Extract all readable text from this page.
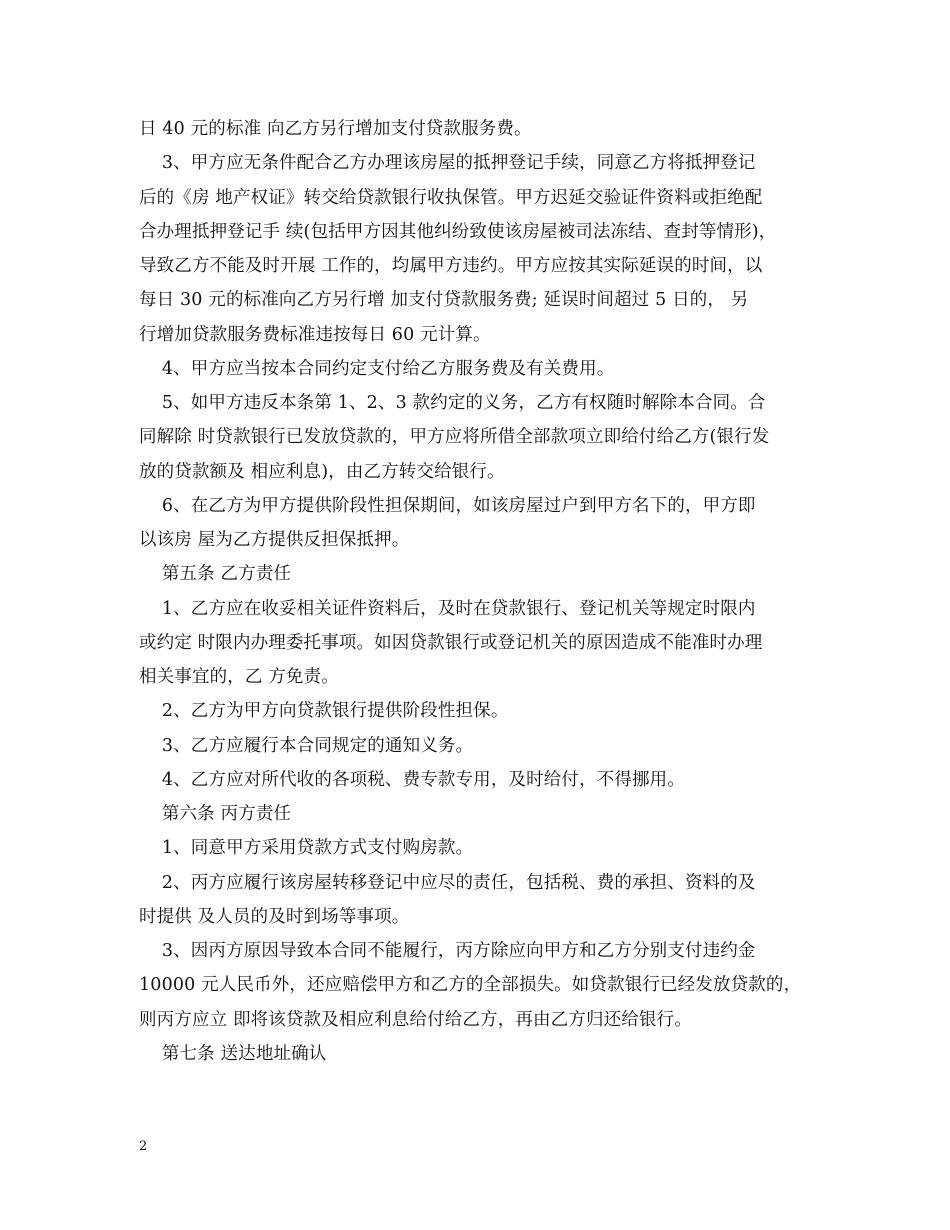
日 40 元的标准 向乙方另行增加支付贷款服务费。
3、甲方应无条件配合乙方办理该房屋的抵押登记手续，同意乙方将抵押登记
后的《房 地产权证》转交给贷款银行收执保管。甲方迟延交验证件资料或拒绝配
合办理抵押登记手 续(包括甲方因其他纠纷致使该房屋被司法冻结、查封等情形)，
导致乙方不能及时开展 工作的，均属甲方违约。甲方应按其实际延误的时间，以
每日 30 元的标准向乙方另行增 加支付贷款服务费; 延误时间超过 5 日的， 另
行增加贷款服务费标准违按每日 60 元计算。
4、甲方应当按本合同约定支付给乙方服务费及有关费用。
5、如甲方违反本条第 1、2、3 款约定的义务，乙方有权随时解除本合同。合
同解除 时贷款银行已发放贷款的，甲方应将所借全部款项立即给付给乙方(银行发
放的贷款额及 相应利息)，由乙方转交给银行。
6、在乙方为甲方提供阶段性担保期间，如该房屋过户到甲方名下的，甲方即
以该房 屋为乙方提供反担保抵押。
第五条 乙方责任
1、乙方应在收妥相关证件资料后，及时在贷款银行、登记机关等规定时限内
或约定 时限内办理委托事项。如因贷款银行或登记机关的原因造成不能准时办理
相关事宜的，乙 方免责。
2、乙方为甲方向贷款银行提供阶段性担保。
3、乙方应履行本合同规定的通知义务。
4、乙方应对所代收的各项税、费专款专用，及时给付，不得挪用。
第六条 丙方责任
1、同意甲方采用贷款方式支付购房款。
2、丙方应履行该房屋转移登记中应尽的责任，包括税、费的承担、资料的及
时提供 及人员的及时到场等事项。
3、因丙方原因导致本合同不能履行，丙方除应向甲方和乙方分别支付违约金
10000 元人民币外，还应赔偿甲方和乙方的全部损失。如贷款银行已经发放贷款的，
则丙方应立 即将该贷款及相应利息给付给乙方，再由乙方归还给银行。
第七条 送达地址确认
2
